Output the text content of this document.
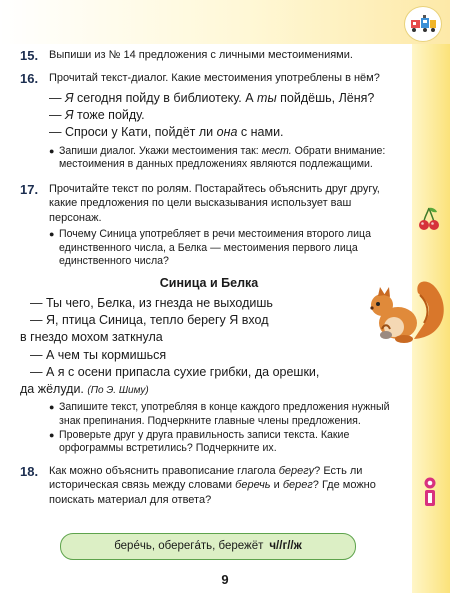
15. Выпиши из № 14 предложения с личными местоимениями.
16. Прочитай текст-диалог. Какие местоимения употреблены в нём?
— Я сегодня пойду в библиотеку. А ты пойдёшь, Лёня?
— Я тоже пойду.
— Спроси у Кати, пойдёт ли она с нами.
● Запиши диалог. Укажи местоимения так: мест. Обрати внимание: местоимения в данных предложениях являются подлежащими.
17. Прочитайте текст по ролям. Постарайтесь объяснить друг другу, какие предложения по цели высказывания использует ваш персонаж.
● Почему Синица употребляет в речи местоимения второго лица единственного числа, а Белка — местоимения первого лица единственного числа?
Синица и Белка
— Ты чего, Белка, из гнезда не выходишь
— Я, птица Синица, тепло берегу Я вход
в гнездо мохом заткнула
— А чем ты кормишься
— А я с осени припасла сухие грибки, да орешки,
да жёлуди. (По Э. Шиму)
● Запишите текст, употребляя в конце каждого предложения нужный знак препинания. Подчеркните главные члены предложения.
● Проверьте друг у друга правильность записи текста. Какие орфограммы встретились? Подчеркните их.
18. Как можно объяснить правописание глагола берегу? Есть ли историческая связь между словами беречь и берег? Где можно поискать материал для ответа?
берéчь, оберегáть, бережёт ч//г//ж
9
